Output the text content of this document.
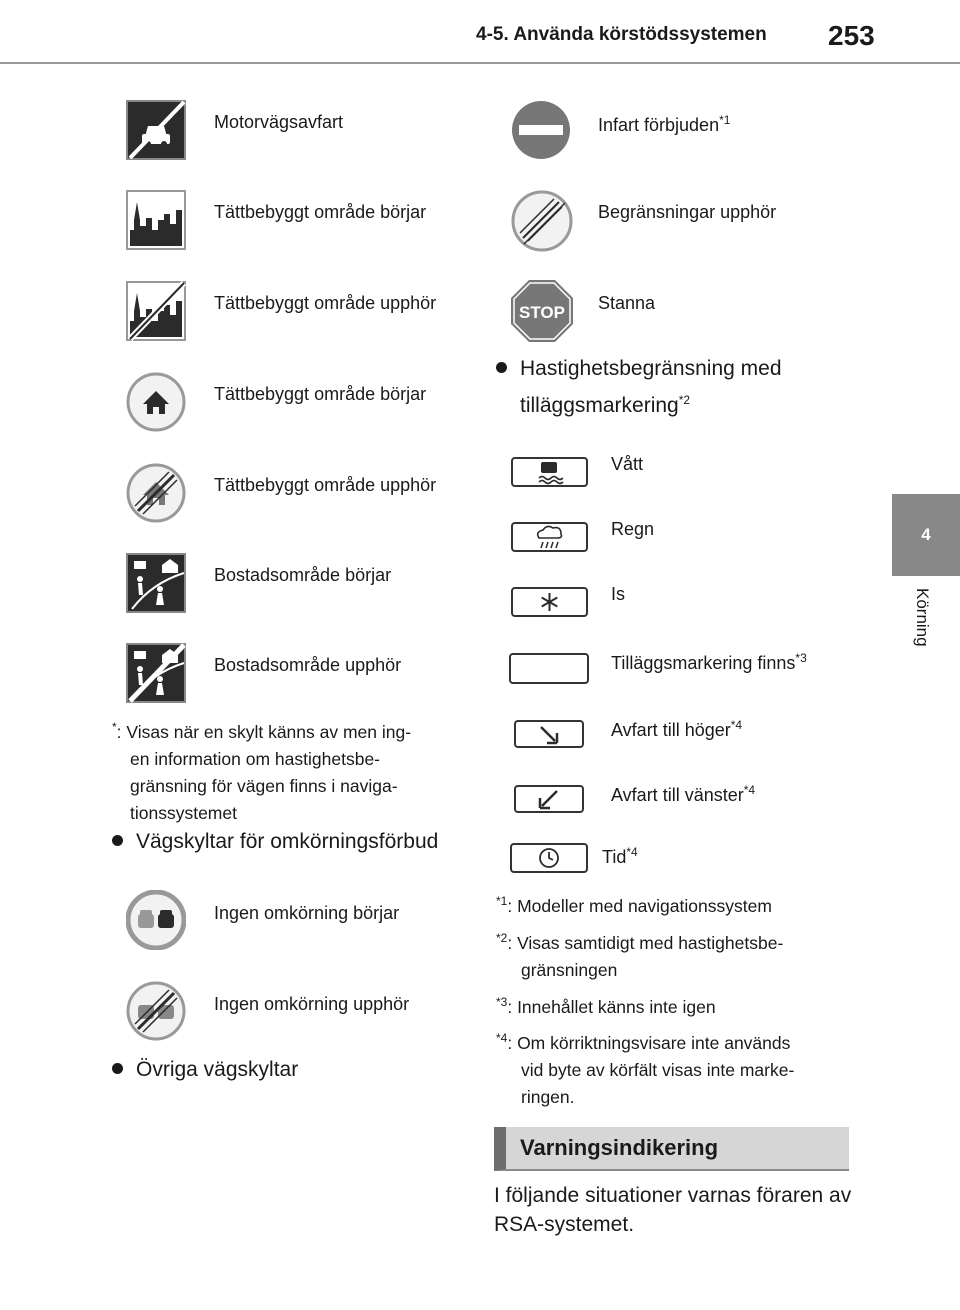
4-5. Använda körstödssystemen 253
4
Körning
Motorvägsavfart
Tättbebyggt område börjar
Tättbebyggt område upphör
Tättbebyggt område börjar
Tättbebyggt område upphör
Bostadsområde börjar
Bostadsområde upphör
*: Visas när en skylt känns av men ing-
en information om hastighetsbe-
gränsning för vägen finns i naviga-
tionssystemet
Vägskyltar för omkörningsförbud
Ingen omkörning börjar
Ingen omkörning upphör
Övriga vägskyltar
Infart förbjuden$^{*1}$
Begränsningar upphör
STOP Stanna
Hastighetsbegränsning med
tilläggsmarkering$^{*2}$
Vått
Regn
Is
Tilläggsmarkering finns$^{*3}$
Avfart till höger$^{*4}$
Avfart till vänster$^{*4}$
Tid$^{*4}$
$^{*1}$: Modeller med navigationssystem
$^{*2}$: Visas samtidigt med hastighetsbe-
gränsningen
$^{*3}$: Innehållet känns inte igen
$^{*4}$: Om körriktningsvisare inte används
vid byte av körfält visas inte marke-
ringen.
Varningsindikering
I följande situationer varnas föraren av RSA-systemet.
